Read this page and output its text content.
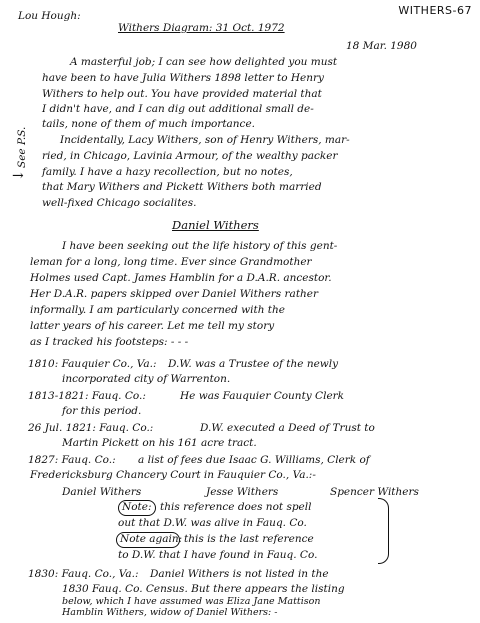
WITHERS-67
Lou Hough:
Withers Diagram: 31 Oct. 1972
18 Mar. 1980
See P.S.
→
A masterful job; I can see how delighted you must
have been to have Julia Withers 1898 letter to Henry
Withers to help out. You have provided material that
I didn't have, and I can dig out additional small de-
tails, none of them of much importance.
Incidentally, Lacy Withers, son of Henry Withers, mar-
ried, in Chicago, Lavinia Armour, of the wealthy packer
family. I have a hazy recollection, but no notes,
that Mary Withers and Pickett Withers both married
well-fixed Chicago socialites.
Daniel Withers
I have been seeking out the life history of this gent-
leman for a long, long time. Ever since Grandmother
Holmes used Capt. James Hamblin for a D.A.R. ancestor.
Her D.A.R. papers skipped over Daniel Withers rather
informally. I am particularly concerned with the
latter years of his career. Let me tell my story
as I tracked his footsteps: - - -
1810: Fauquier Co., Va.: D.W. was a Trustee of the newly
incorporated city of Warrenton.
1813-1821: Fauq. Co.:	He was Fauquier County Clerk
for this period.
26 Jul. 1821: Fauq. Co.:	D.W. executed a Deed of Trust to
Martin Pickett on his 161 acre tract.
1827: Fauq. Co.: a list of fees due Isaac G. Williams, Clerk of
Fredericksburg Chancery Court in Fauquier Co., Va.:-
Daniel Withers	Jesse Withers	Spencer Withers
Note: this reference does not spell
out that D.W. was alive in Fauq. Co.
Note again: this is the last reference
to D.W. that I have found in Fauq. Co.
1830: Fauq. Co., Va.: Daniel Withers is not listed in the
1830 Fauq. Co. Census. But there appears the listing
below, which I have assumed was Eliza Jane Mattison
Hamblin Withers, widow of Daniel Withers: -
